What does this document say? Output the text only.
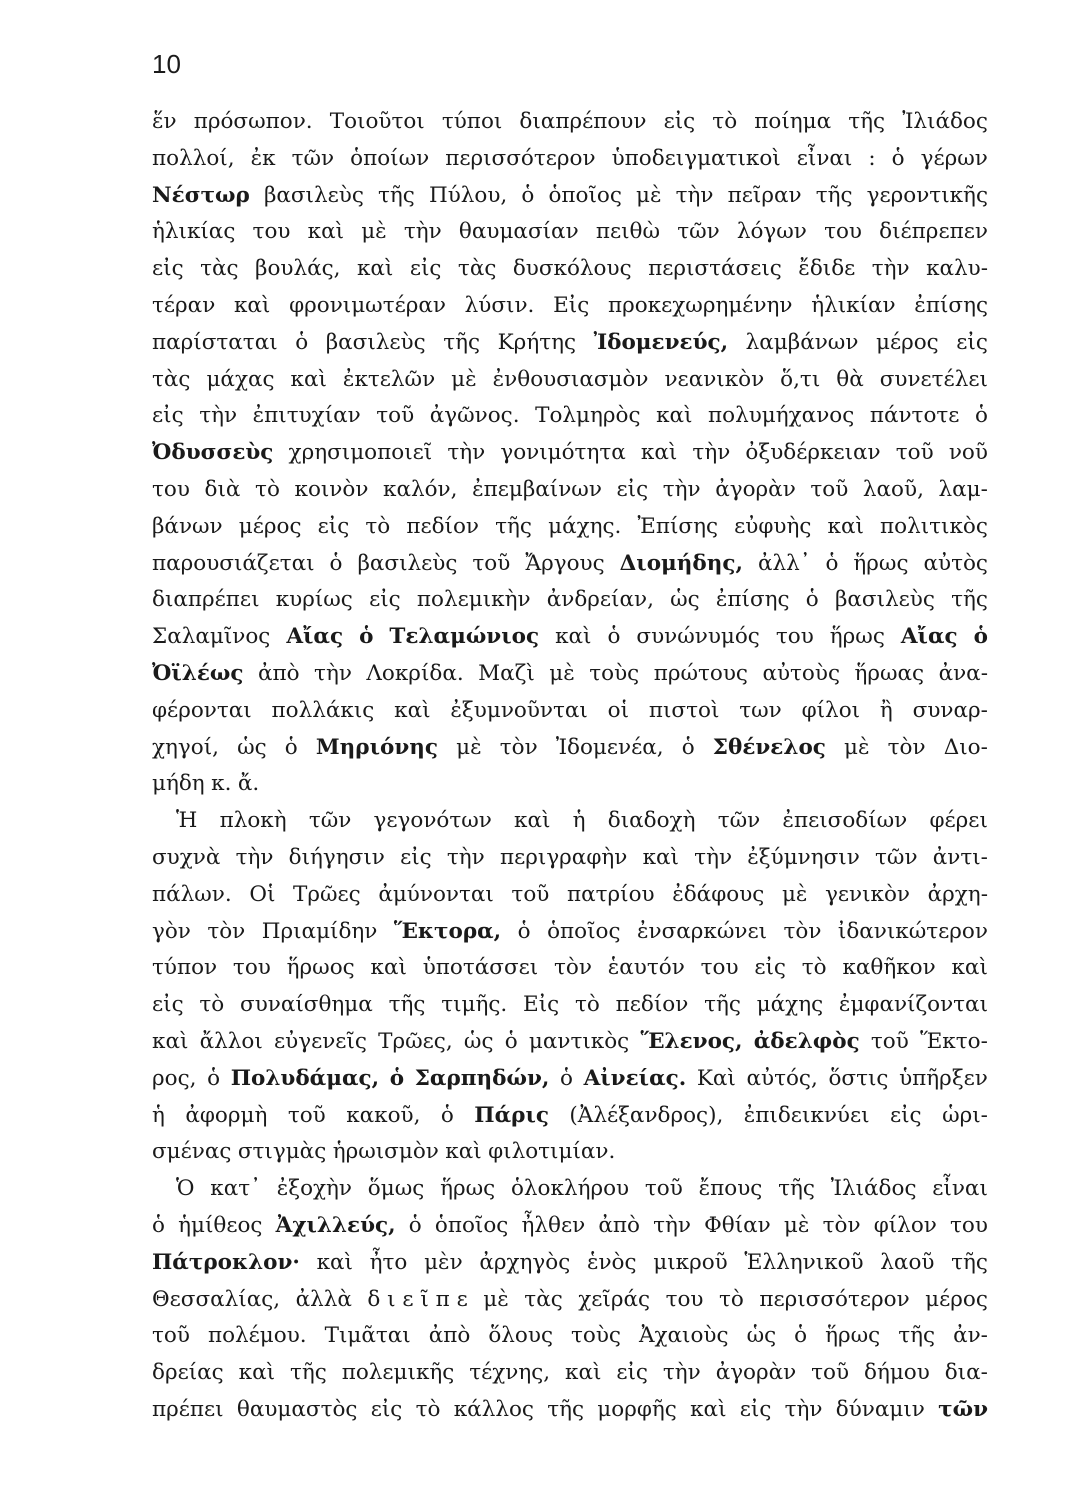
10
ἕν πρόσωπον. Τοιοῦτοι τύποι διαπρέπουν εἰς τὸ ποίημα τῆς Ἰλιάδος
πολλοί, ἐκ τῶν ὁποίων περισσότερον ὑποδειγματικοὶ εἶναι : ὁ γέρων
Νέστωρ βασιλεὺς τῆς Πύλου, ὁ ὁποῖος μὲ τὴν πεῖραν τῆς γεροντικῆς
ἡλικίας του καὶ μὲ τὴν θαυμασίαν πειθὼ τῶν λόγων του διέπρεπεν
εἰς τὰς βουλάς, καὶ εἰς τὰς δυσκόλους περιστάσεις ἔδιδε τὴν καλυ-
τέραν καὶ φρονιμωτέραν λύσιν. Εἰς προκεχωρημένην ἡλικίαν ἐπίσης
παρίσταται ὁ βασιλεὺς τῆς Κρήτης Ἰδομενεύς, λαμβάνων μέρος εἰς
τὰς μάχας καὶ ἐκτελῶν μὲ ἐνθουσιασμὸν νεανικὸν ὅ,τι θὰ συνετέλει
εἰς τὴν ἐπιτυχίαν τοῦ ἀγῶνος. Τολμηρὸς καὶ πολυμήχανος πάντοτε ὁ
Ὀδυσσεὺς χρησιμοποιεῖ τὴν γονιμότητα καὶ τὴν ὀξυδέρκειαν τοῦ νοῦ
του διὰ τὸ κοινὸν καλόν, ἐπεμβαίνων εἰς τὴν ἀγορὰν τοῦ λαοῦ, λαμ-
βάνων μέρος εἰς τὸ πεδίον τῆς μάχης. Ἐπίσης εὐφυὴς καὶ πολιτικὸς
παρουσιάζεται ὁ βασιλεὺς τοῦ Ἄργους Διομήδης, ἀλλ᾽ ὁ ἥρως αὐτὸς
διαπρέπει κυρίως εἰς πολεμικὴν ἀνδρείαν, ὡς ἐπίσης ὁ βασιλεὺς τῆς
Σαλαμῖνος Αἴας ὁ Τελαμώνιος καὶ ὁ συνώνυμός του ἥρως Αἴας ὁ
Ὀϊλέως ἀπὸ τὴν Λοκρίδα. Μαζὶ μὲ τοὺς πρώτους αὐτοὺς ἥρωας ἀνα-
φέρονται πολλάκις καὶ ἐξυμνοῦνται οἱ πιστοὶ των φίλοι ἢ συναρ-
χηγοί, ὡς ὁ Μηριόνης μὲ τὸν Ἰδομενέα, ὁ Σθένελος μὲ τὸν Διο-
μήδη κ. ἄ.
Ἡ πλοκὴ τῶν γεγονότων καὶ ἡ διαδοχὴ τῶν ἐπεισοδίων φέρει
συχνὰ τὴν διήγησιν εἰς τὴν περιγραφὴν καὶ τὴν ἐξύμνησιν τῶν ἀντι-
πάλων. Οἱ Τρῶες ἀμύνονται τοῦ πατρίου ἐδάφους μὲ γενικὸν ἀρχη-
γὸν τὸν Πριαμίδην Ἕκτορα, ὁ ὁποῖος ἐνσαρκώνει τὸν ἰδανικώτερον
τύπον του ἥρωος καὶ ὑποτάσσει τὸν ἑαυτόν του εἰς τὸ καθῆκον καὶ
εἰς τὸ συναίσθημα τῆς τιμῆς. Εἰς τὸ πεδίον τῆς μάχης ἐμφανίζονται
καὶ ἄλλοι εὐγενεῖς Τρῶες, ὡς ὁ μαντικὸς Ἕλενος, ἀδελφὸς τοῦ Ἕκτο-
ρος, ὁ Πολυδάμας, ὁ Σαρπηδών, ὁ Αἰνείας. Καὶ αὐτός, ὅστις ὑπῆρξεν
ἡ ἀφορμὴ τοῦ κακοῦ, ὁ Πάρις (Ἀλέξανδρος), ἐπιδεικνύει εἰς ὡρι-
σμένας στιγμὰς ἡρωισμὸν καὶ φιλοτιμίαν.
Ὁ κατ᾽ ἐξοχὴν ὅμως ἥρως ὁλοκλήρου τοῦ ἔπους τῆς Ἰλιάδος εἶναι
ὁ ἡμίθεος Ἀχιλλεύς, ὁ ὁποῖος ἦλθεν ἀπὸ τὴν Φθίαν μὲ τὸν φίλον του
Πάτροκλον· καὶ ἦτο μὲν ἀρχηγὸς ἑνὸς μικροῦ Ἑλληνικοῦ λαοῦ τῆς
Θεσσαλίας, ἀλλὰ δ ι ε ῖ π ε μὲ τὰς χεῖράς του τὸ περισσότερον μέρος
τοῦ πολέμου. Τιμᾶται ἀπὸ ὅλους τοὺς Ἀχαιοὺς ὡς ὁ ἥρως τῆς ἀν-
δρείας καὶ τῆς πολεμικῆς τέχνης, καὶ εἰς τὴν ἀγορὰν τοῦ δήμου δια-
πρέπει θαυμαστὸς εἰς τὸ κάλλος τῆς μορφῆς καὶ εἰς τὴν δύναμιν τῶν
